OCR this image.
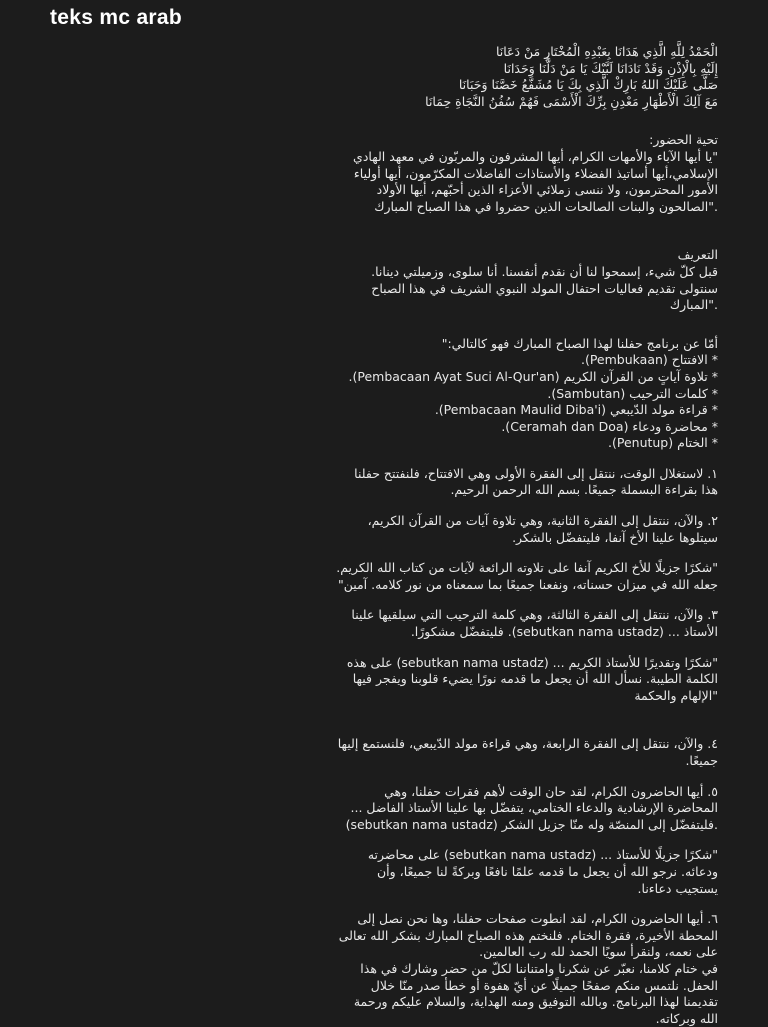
teks mc arab
الْحَمْدُ لِلَّهِ الَّذِي هَدَانَا بِعَبْدِهِ الْمُخْتَارِ مَنْ دَعَانَا
إِلَيْهِ بِالْإِذْنِ وَقَدْ نَادَانَا لَبَّيْكَ يَا مَنْ دَلَّنَا وَحَدَانَا
صَلَّى عَلَيْكَ اللهُ بَارِكْ الَّذِي بِكَ يَا مُشَفَّعُ خَصَّنَا وَحَبَانَا
مَعَ آلِكَ الْأَطْهَارِ مَعْدِنِ بِرِّكَ الْأَسْمَى فَهُمْ سُفُنُ النَّجَاةِ حِمَانَا
تحية الحضور:
"يا أيها الآباء والأمهات الكرام، أيها المشرفون والمربّون في معهد الهادي
الإسلامي،أيها أساتيذ الفضلاء والأستاذات الفاضلات المكرّمون، أيها أولياء
الأمور المحترمون، ولا ننسى زملائي الأعزاء الذين أحبّهم، أيها الأولاد
."الصالحون والبنات الصالحات الذين حضروا في هذا الصباح المبارك
التعريف
قبل كلّ شيء، إسمحوا لنا أن نقدم أنفسنا. أنا سلوى، وزميلتي دينانا.
سنتولى تقديم فعاليات احتفال المولد النبوي الشريف في هذا الصباح
."المبارك
أمّا عن برنامج حفلنا لهذا الصباح المبارك فهو كالتالي:"
* الافتتاح (Pembukaan).
* تلاوة آياتٍ من القرآن الكريم (Pembacaan Ayat Suci Al-Qur'an).
* كلمات الترحيب (Sambutan).
* قراءة مولد الدّيبعي (Pembacaan Maulid Diba'i).
* محاضرة ودعاء (Ceramah dan Doa).
* الختام (Penutup).
١. لاستغلال الوقت، ننتقل إلى الفقرة الأولى وهي الافتتاح، فلنفتتح حفلنا
هذا بقراءة البسملة جميعًا. بسم الله الرحمن الرحيم.
٢. والآن، ننتقل إلى الفقرة الثانية، وهي تلاوة آيات من القرآن الكريم،
سيتلوها علينا الأخ آنفا، فليتفضّل بالشكر.
"شكرًا جزيلًا للأخ الكريم آنفا على تلاوته الرائعة لآيات من كتاب الله الكريم.
جعله الله في ميزان حسناته، ونفعنا جميعًا بما سمعناه من نور كلامه. آمين"
٣. والآن، ننتقل إلى الفقرة الثالثة، وهي كلمة الترحيب التي سيلقيها علينا
الأستاذ ... (sebutkan nama ustadz). فليتفضّل مشكورًا.
"شكرًا وتقديرًا للأستاذ الكريم ... (sebutkan nama ustadz) على هذه
الكلمة الطيبة. نسأل الله أن يجعل ما قدمه نورًا يضيء قلوبنا ويفجر فيها
"الإلهام والحكمة
٤. والآن، ننتقل إلى الفقرة الرابعة، وهي قراءة مولد الدّيبعي، فلنستمع إليها
جميعًا.
٥. أيها الحاضرون الكرام، لقد حان الوقت لأهم فقرات حفلنا، وهي
المحاضرة الإرشادية والدعاء الختامي، يتفضّل بها علينا الأستاذ الفاضل ...
(sebutkan nama ustadz) فليتفضّل إلى المنصّة وله منّا جزيل الشكر.
"شكرًا جزيلًا للأستاذ ... (sebutkan nama ustadz) على محاضرته
ودعائه. نرجو الله أن يجعل ما قدمه علمًا نافعًا وبركةً لنا جميعًا، وأن
يستجيب دعاءنا.
٦. أيها الحاضرون الكرام، لقد انطوت صفحات حفلنا، وها نحن نصل إلى
المحطة الأخيرة، فقرة الختام. فلنختم هذه الصباح المبارك بشكر الله تعالى
على نعمه، ولنقرأ سويًا الحمد لله رب العالمين.
في ختام كلامنا، نعبّر عن شكرنا وامتناننا لكلّ من حضر وشارك في هذا
الحفل. نلتمس منكم صفحًا جميلًا عن أيّ هفوة أو خطأ صدر منّا خلال
تقديمنا لهذا البرنامج. وبالله التوفيق ومنه الهداية، والسلام عليكم ورحمة
الله وبركاته.
